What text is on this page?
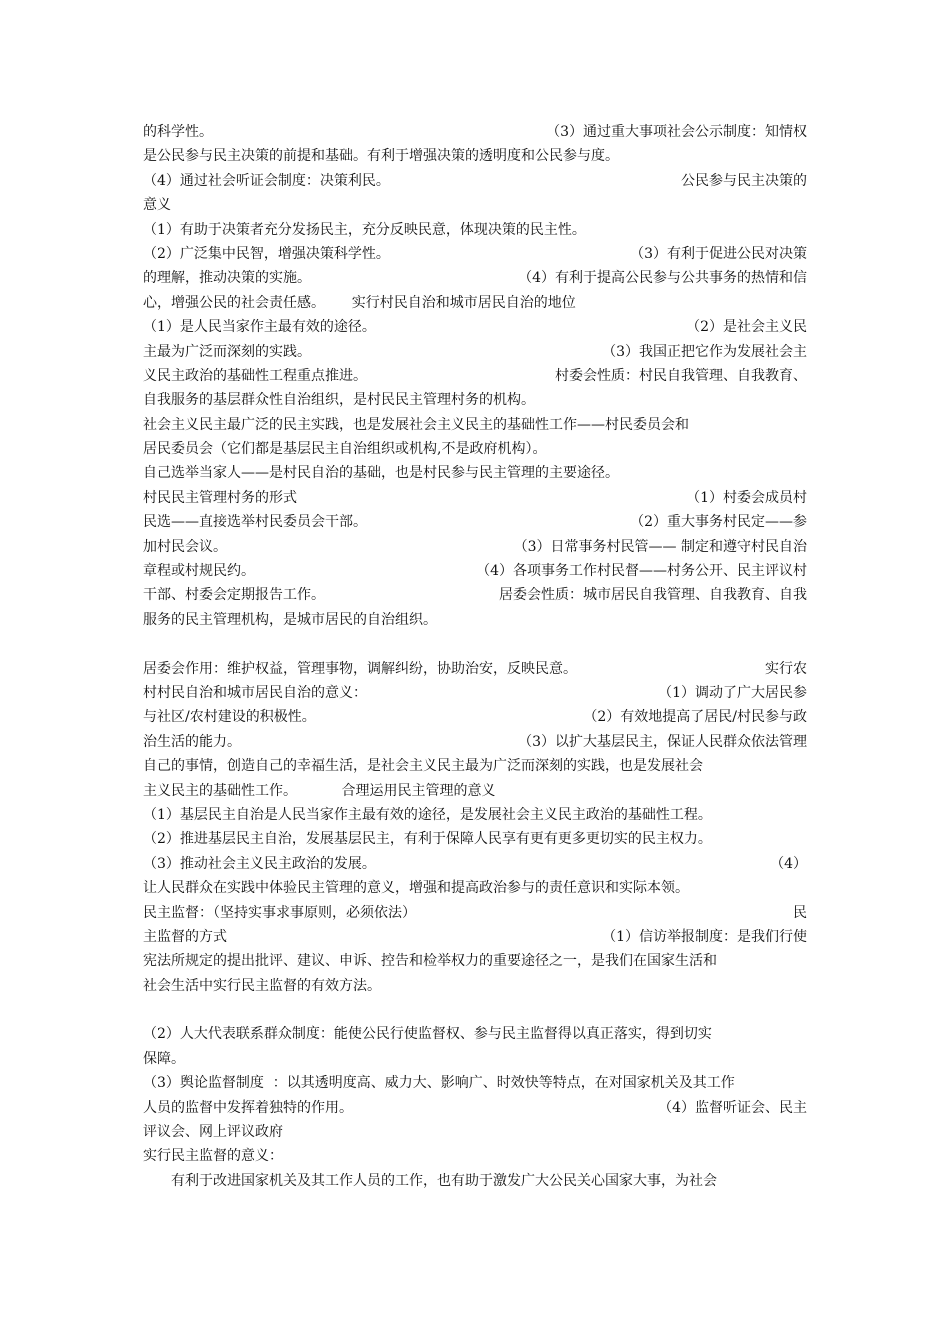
的科学性。	（3）通过重大事项社会公示制度：知情权
是公民参与民主决策的前提和基础。有利于增强决策的透明度和公民参与度。
（4）通过社会听证会制度：决策利民。	公民参与民主决策的
意义
（1）有助于决策者充分发扬民主，充分反映民意，体现决策的民主性。
（2）广泛集中民智，增强决策科学性。	（3）有利于促进公民对决策
的理解，推动决策的实施。	（4）有利于提高公民参与公共事务的热情和信
心，增强公民的社会责任感。      实行村民自治和城市居民自治的地位
（1）是人民当家作主最有效的途径。	（2）是社会主义民
主最为广泛而深刻的实践。	（3）我国正把它作为发展社会主
义民主政治的基础性工程重点推进。	村委会性质：村民自我管理、自我教育、
自我服务的基层群众性自治组织，是村民民主管理村务的机构。
社会主义民主最广泛的民主实践，也是发展社会主义民主的基础性工作——村民委员会和
居民委员会（它们都是基层民主自治组织或机构,不是政府机构）。
自己选举当家人——是村民自治的基础，也是村民参与民主管理的主要途径。
村民民主管理村务的形式	（1）村委会成员村
民选——直接选举村民委员会干部。	（2）重大事务村民定——参
加村民会议。	（3）日常事务村民管—— 制定和遵守村民自治
章程或村规民约。	（4）各项事务工作村民督——村务公开、民主评议村
干部、村委会定期报告工作。	居委会性质：城市居民自我管理、自我教育、自我
服务的民主管理机构，是城市居民的自治组织。
居委会作用：维护权益，管理事物，调解纠纷，协助治安，反映民意。	实行农
村村民自治和城市居民自治的意义：	（1）调动了广大居民参
与社区/农村建设的积极性。	（2）有效地提高了居民/村民参与政
治生活的能力。	（3）以扩大基层民主，保证人民群众依法管理
自己的事情，创造自己的幸福生活，是社会主义民主最为广泛而深刻的实践，也是发展社会
主义民主的基础性工作。          合理运用民主管理的意义
（1）基层民主自治是人民当家作主最有效的途径，是发展社会主义民主政治的基础性工程。
（2）推进基层民主自治，发展基层民主，有利于保障人民享有更有更多更切实的民主权力。
（3）推动社会主义民主政治的发展。	（4）
让人民群众在实践中体验民主管理的意义，增强和提高政治参与的责任意识和实际本领。
民主监督：（坚持实事求事原则，必须依法）	民
主监督的方式	（1）信访举报制度：是我们行使
宪法所规定的提出批评、建议、申诉、控告和检举权力的重要途径之一，是我们在国家生活和
社会生活中实行民主监督的有效方法。
（2）人大代表联系群众制度：能使公民行使监督权、参与民主监督得以真正落实，得到切实
保障。
（3）舆论监督制度  ：以其透明度高、威力大、影响广、时效快等特点，在对国家机关及其工作
人员的监督中发挥着独特的作用。	（4）监督听证会、民主
评议会、网上评议政府
实行民主监督的意义：
有利于改进国家机关及其工作人员的工作，也有助于激发广大公民关心国家大事，为社会
